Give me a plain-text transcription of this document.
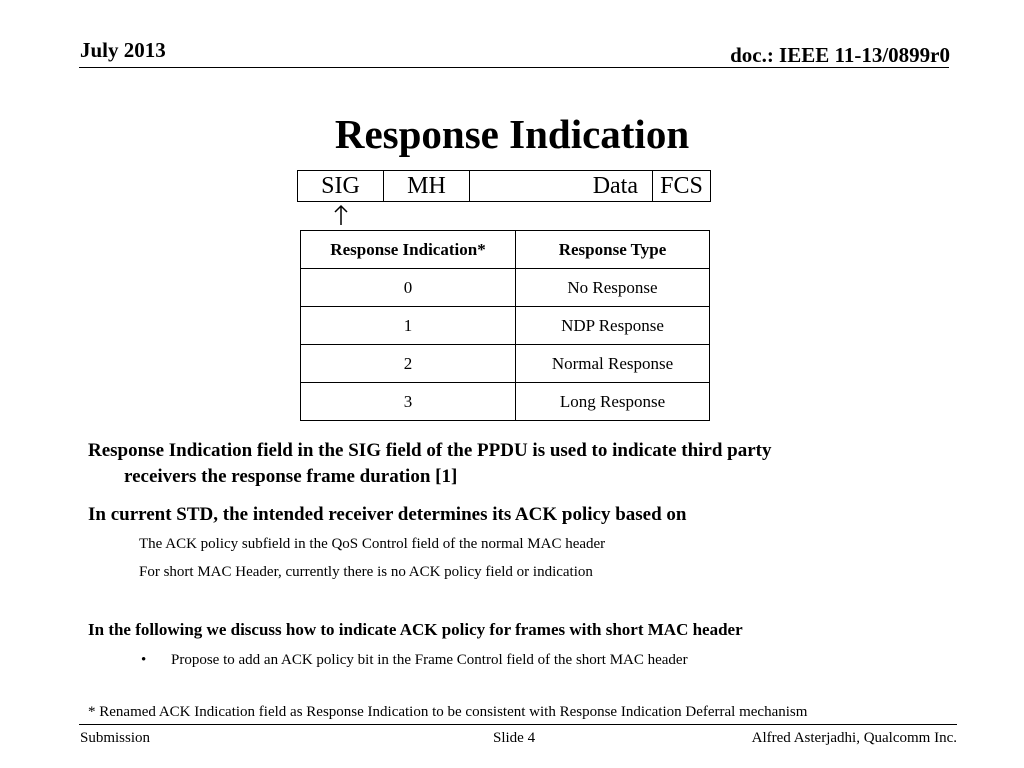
July 2013	doc.: IEEE 11-13/0899r0
Response Indication
SIG	MH	Data FCS
Response Indication*	Response Type
0	No Response
1	NDP Response
2	Normal Response
3	Long Response
Response Indication field in the SIG field of the PPDU is used to indicate third party
receivers the response frame duration [1]
In current STD, the intended receiver determines its ACK policy based on
The ACK policy subfield in the QoS Control field of the normal MAC header
For short MAC Header, currently there is no ACK policy field or indication
In the following we discuss how to indicate ACK policy for frames with short MAC header
• Propose to add an ACK policy bit in the Frame Control field of the short MAC header
* Renamed ACK Indication field as Response Indication to be consistent with Response Indication Deferral mechanism
Submission	Slide 4	Alfred Asterjadhi, Qualcomm Inc.
